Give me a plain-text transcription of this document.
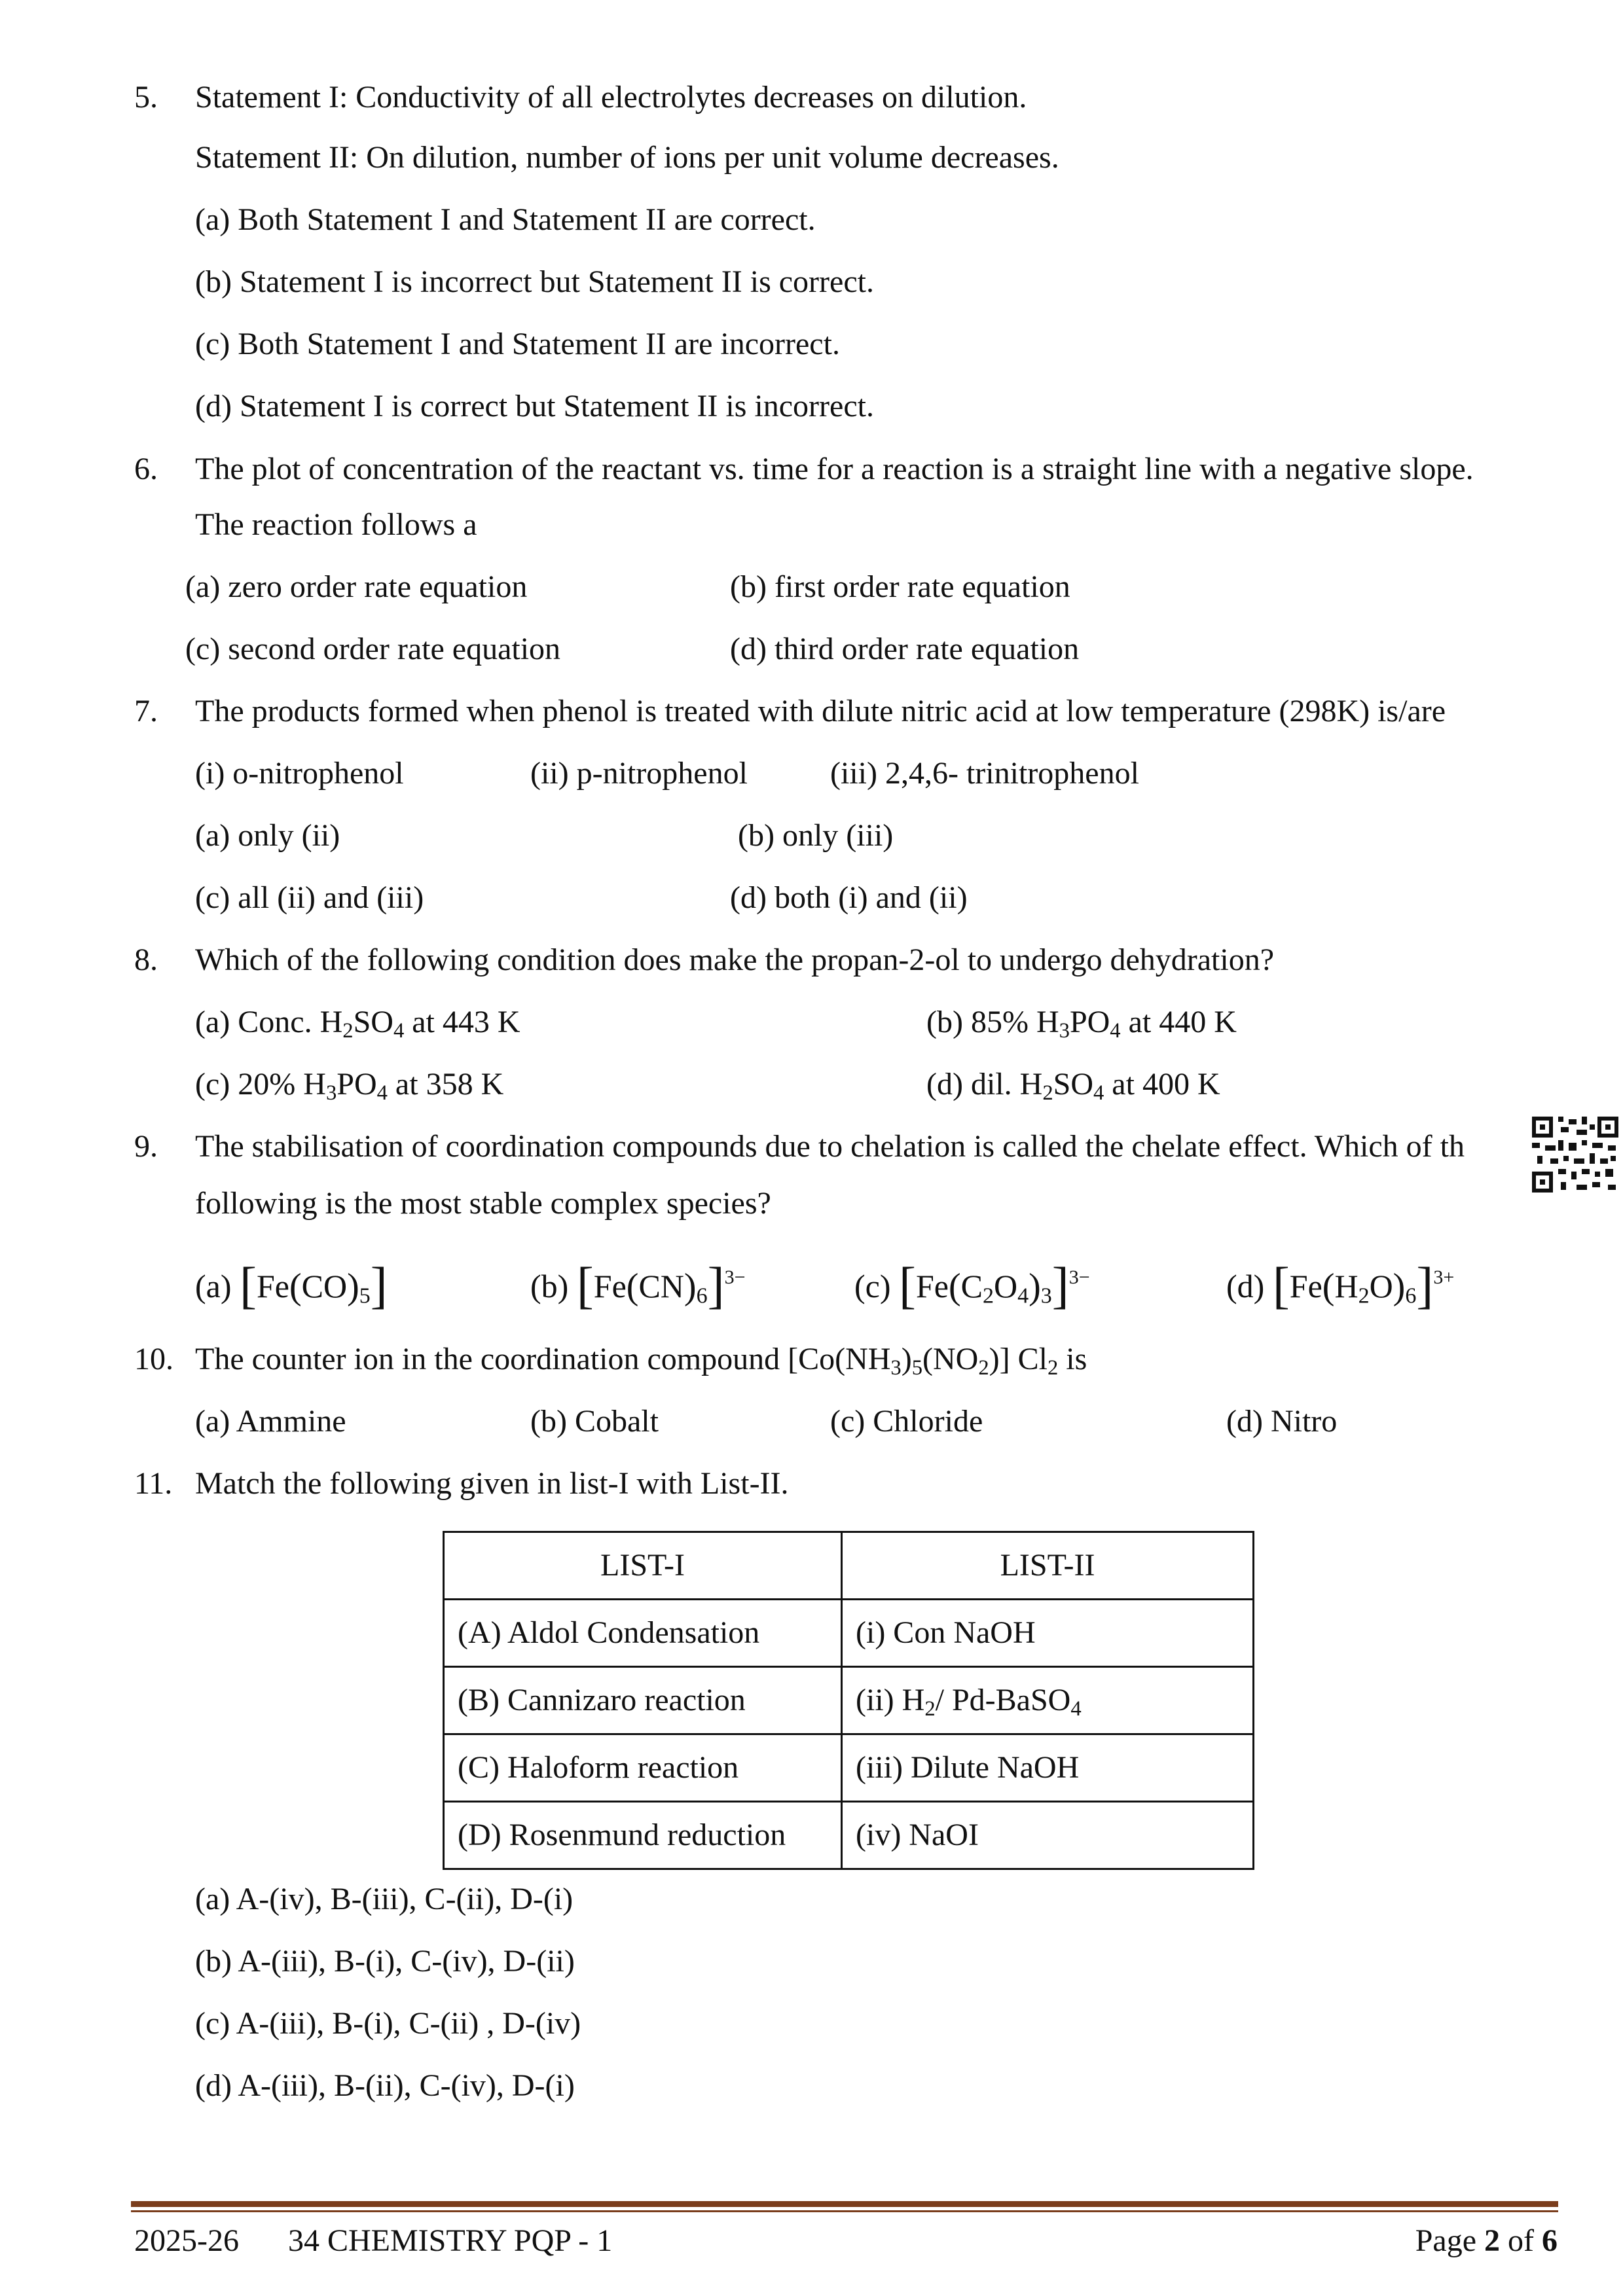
5. Statement I: Conductivity of all electrolytes decreases on dilution.
Statement II: On dilution, number of ions per unit volume decreases.
(a) Both Statement I and Statement II are correct.
(b) Statement I is incorrect but Statement II is correct.
(c) Both Statement I and Statement II are incorrect.
(d) Statement I is correct but Statement II is incorrect.
6. The plot of concentration of the reactant vs. time for a reaction is a straight line with a negative slope.
The reaction follows a
(a) zero order rate equation	(b) first order rate equation
(c) second order rate equation	(d) third order rate equation
7. The products formed when phenol is treated with dilute nitric acid at low temperature (298K) is/are
(i) o-nitrophenol	(ii) p-nitrophenol	(iii) 2,4,6- trinitrophenol
(a) only (ii)	(b) only (iii)
(c) all (ii) and (iii)	(d) both (i) and (ii)
8. Which of the following condition does make the propan-2-ol to undergo dehydration?
(a) Conc. $H_2SO_4$ at 443 K	(b) 85% $H_3PO_4$ at 440 K
(c) 20% $H_3PO_4$ at 358 K	(d) dil. $H_2SO_4$ at 400 K
9. The stabilisation of coordination compounds due to chelation is called the chelate effect. Which of th
following is the most stable complex species?
(a) $[Fe(CO)_5]$	(b) $[Fe(CN)_6]^{3-}$	(c) $[Fe(C_2O_4)_3]^{3-}$	(d) $[Fe(H_2O)_6]^{3+}$
10. The counter ion in the coordination compound $[Co(NH_3)_5(NO_2)]$ $Cl_2$ is
(a) Ammine	(b) Cobalt	(c) Chloride	(d) Nitro
11. Match the following given in list-I with List-II.
LIST-I	LIST-II
(A) Aldol Condensation	(i) Con NaOH
(B) Cannizaro reaction	(ii) $H_2/$ Pd-BaSO$_4$
(C) Haloform reaction	(iii) Dilute NaOH
(D) Rosenmund reduction	(iv) NaOI
(a) A-(iv), B-(iii), C-(ii), D-(i)
(b) A-(iii), B-(i), C-(iv), D-(ii)
(c) A-(iii), B-(i), C-(ii) , D-(iv)
(d) A-(iii), B-(ii), C-(iv), D-(i)
2025-26 34 CHEMISTRY PQP - 1	Page 2 of 6
